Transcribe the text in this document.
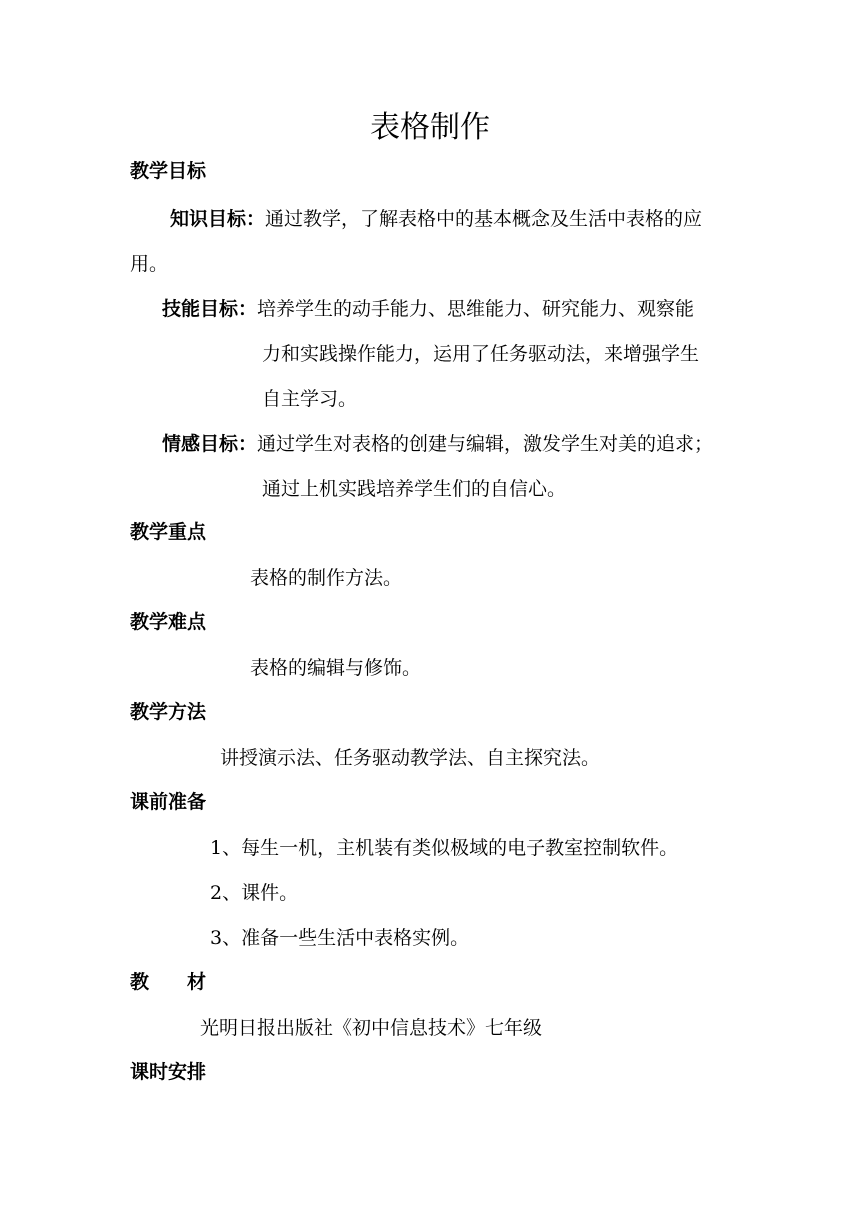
表格制作
教学目标
知识目标：通过教学，了解表格中的基本概念及生活中表格的应
用。
技能目标：培养学生的动手能力、思维能力、研究能力、观察能
力和实践操作能力，运用了任务驱动法，来增强学生
自主学习。
情感目标：通过学生对表格的创建与编辑，激发学生对美的追求；
通过上机实践培养学生们的自信心。
教学重点
表格的制作方法。
教学难点
表格的编辑与修饰。
教学方法
讲授演示法、任务驱动教学法、自主探究法。
课前准备
1、每生一机，主机装有类似极域的电子教室控制软件。
2、课件。
3、准备一些生活中表格实例。
教 材
光明日报出版社《初中信息技术》七年级
课时安排
